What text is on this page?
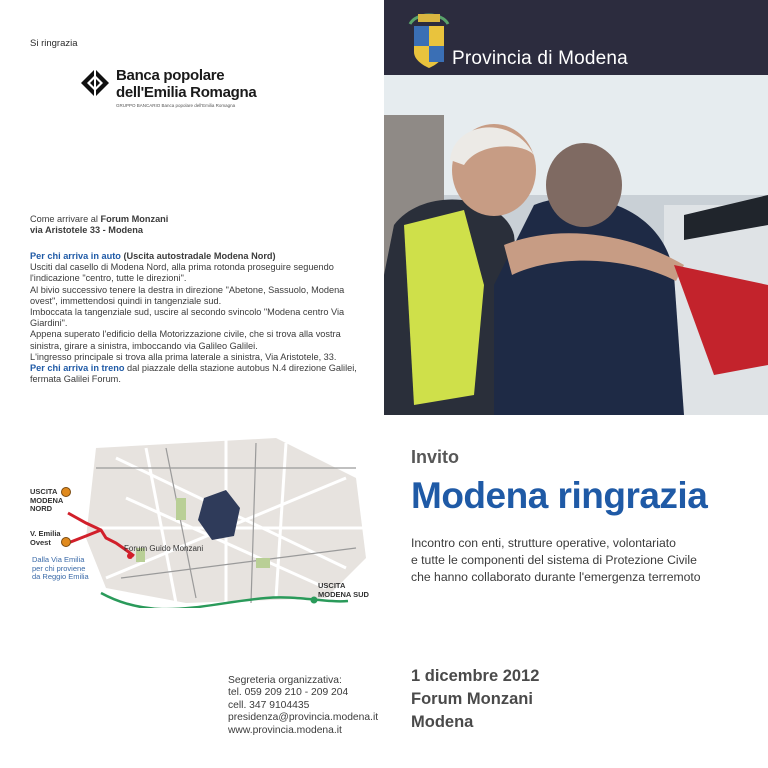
Si ringrazia
Banca popolare
dell'Emilia Romagna
GRUPPO BANCARIO Banca popolare dell'Emilia Romagna
Come arrivare al Forum Monzani
via Aristotele 33 - Modena
Per chi arriva in auto (Uscita autostradale Modena Nord)
Usciti dal casello di Modena Nord, alla prima rotonda proseguire seguendo
l'indicazione "centro, tutte le direzioni".
Al bivio successivo tenere la destra in direzione "Abetone, Sassuolo, Modena
ovest", immettendosi quindi in tangenziale sud.
Imboccata la tangenziale sud, uscire al secondo svincolo "Modena centro Via
Giardini".
Appena superato l'edificio della Motorizzazione civile, che si trova alla vostra
sinistra, girare a sinistra, imboccando via Galileo Galilei.
L'ingresso principale si trova alla prima laterale a sinistra, Via Aristotele, 33.
Per chi arriva in treno dal piazzale della stazione autobus N.4 direzione Galilei,
fermata Galilei Forum.
USCITA
MODENA
NORD
V. Emilia
Ovest
Dalla Via Emilia
per chi proviene
da Reggio Emilia
Forum Guido Monzani
USCITA
MODENA SUD
Provincia di Modena
Invito
Modena ringrazia
Incontro con enti, strutture operative, volontariato
e tutte le componenti del sistema di Protezione Civile
che hanno collaborato durante l'emergenza terremoto
1 dicembre 2012
Forum Monzani
Modena
Segreteria organizzativa:
tel. 059 209 210 - 209 204
cell. 347 9104435
presidenza@provincia.modena.it
www.provincia.modena.it
